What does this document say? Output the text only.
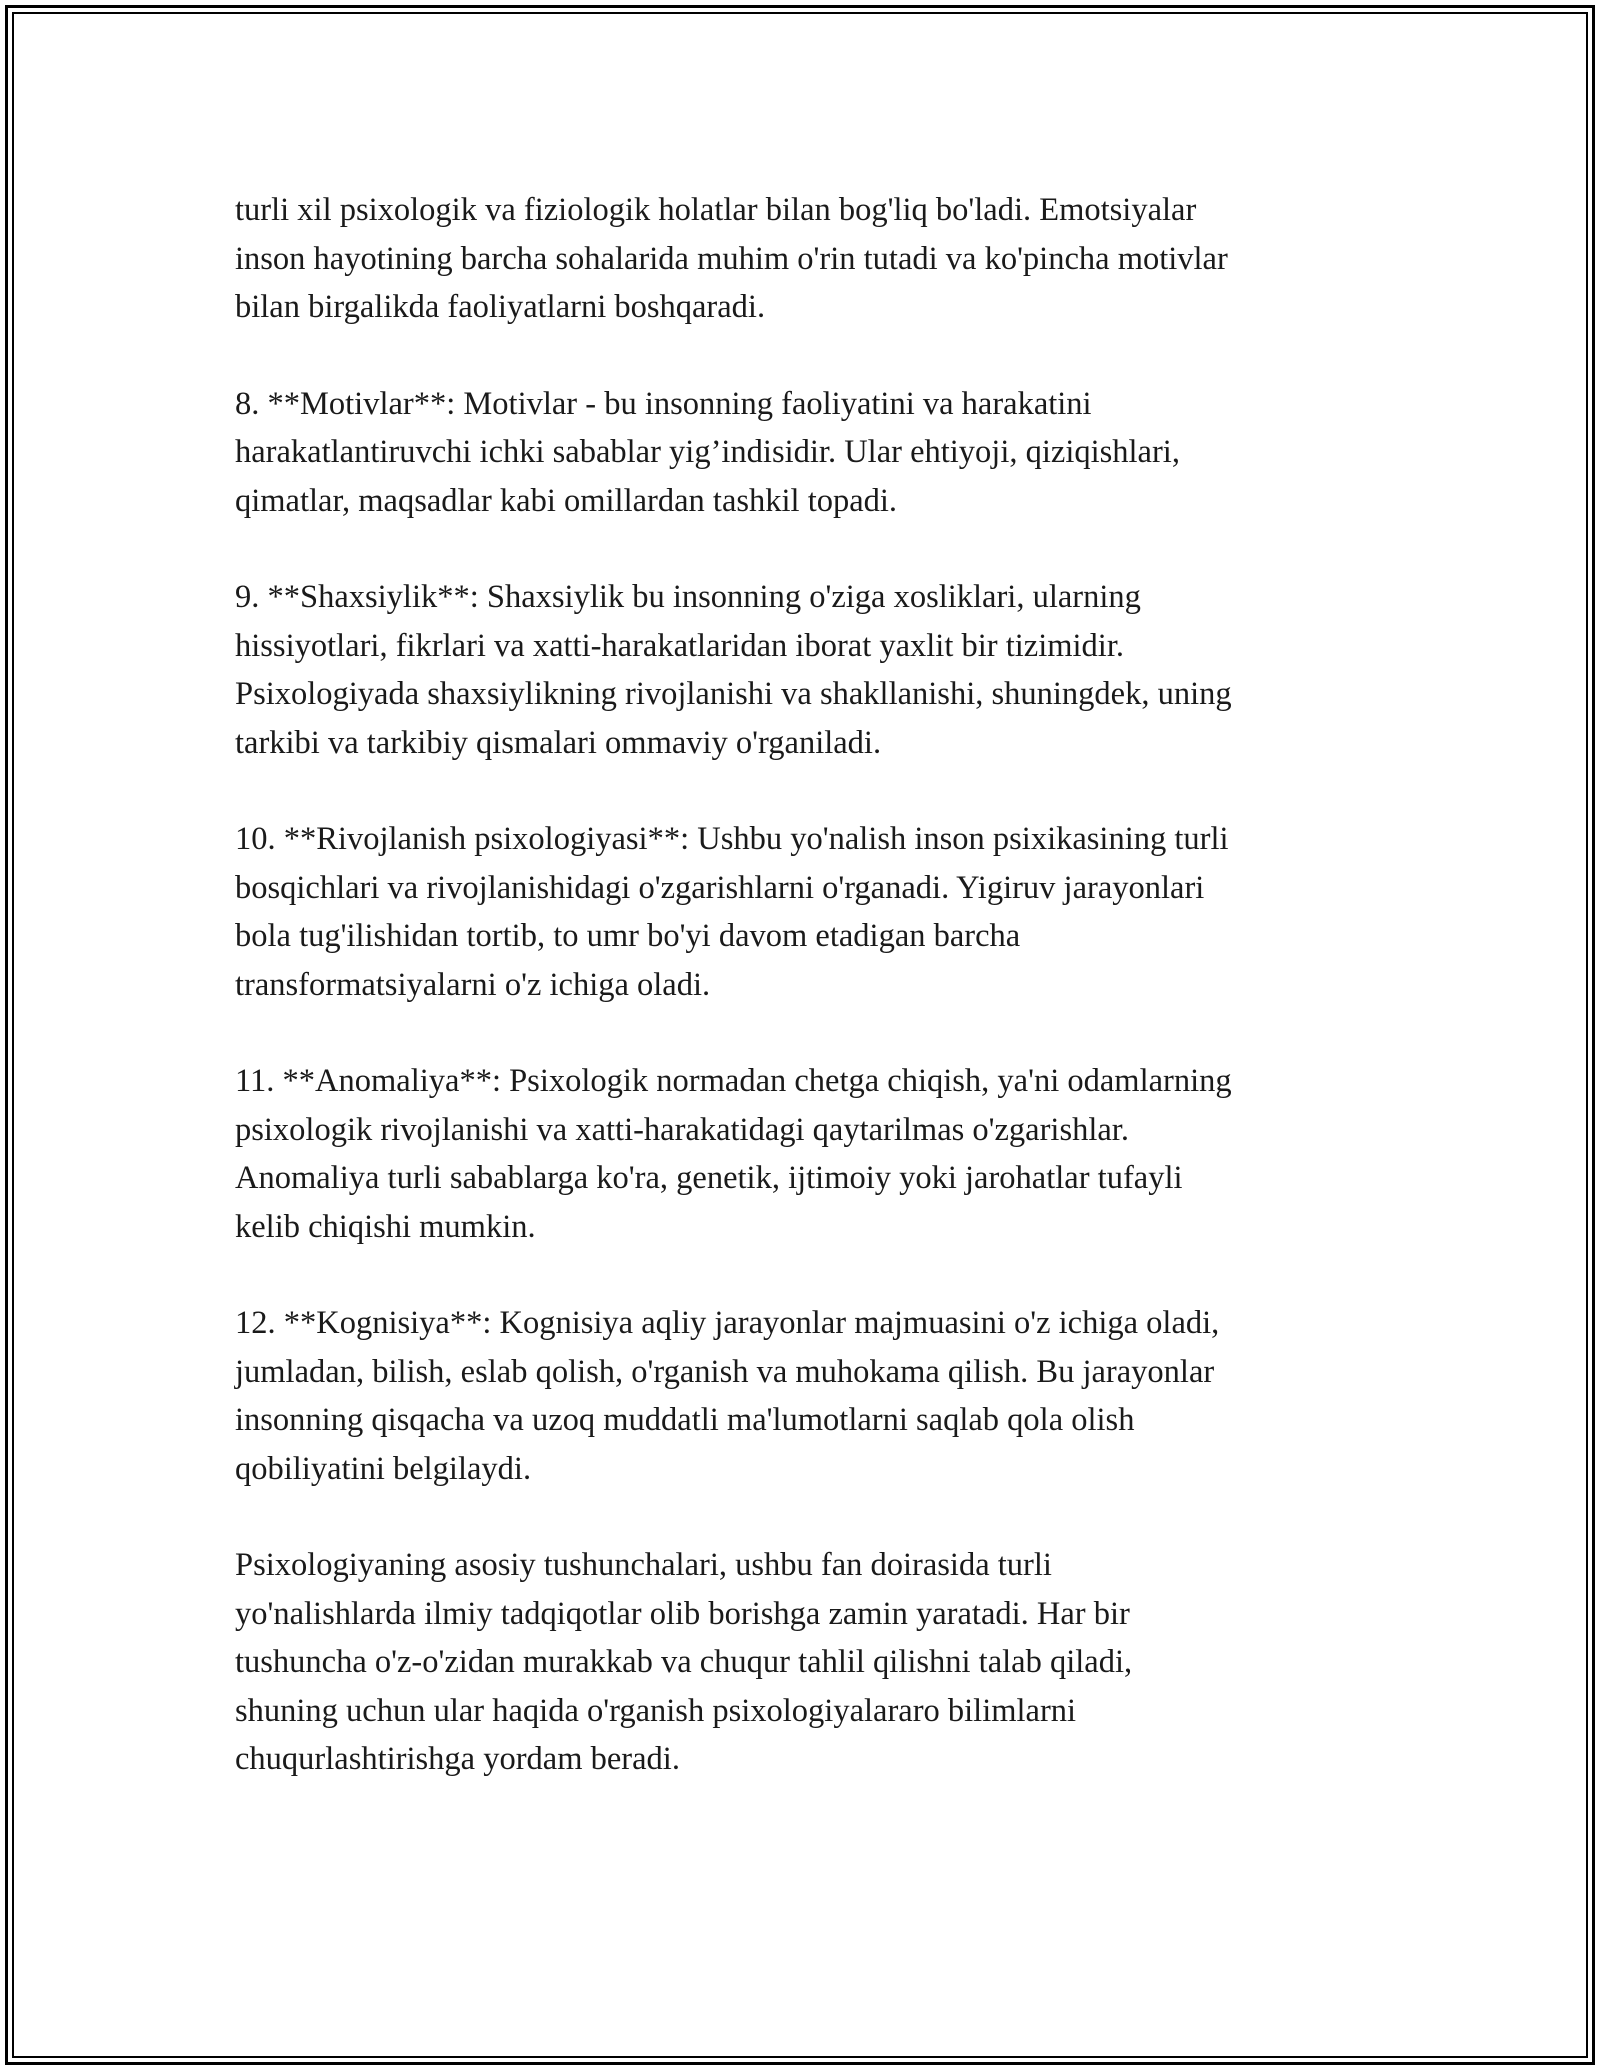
turli xil psixologik va fiziologik holatlar bilan bog'liq bo'ladi. Emotsiyalar
inson hayotining barcha sohalarida muhim o'rin tutadi va ko'pincha motivlar
bilan birgalikda faoliyatlarni boshqaradi.

8. **Motivlar**: Motivlar - bu insonning faoliyatini va harakatini
harakatlantiruvchi ichki sabablar yig’indisidir. Ular ehtiyoji, qiziqishlari,
qimatlar, maqsadlar kabi omillardan tashkil topadi.

9. **Shaxsiylik**: Shaxsiylik bu insonning o'ziga xosliklari, ularning
hissiyotlari, fikrlari va xatti-harakatlaridan iborat yaxlit bir tizimidir.
Psixologiyada shaxsiylikning rivojlanishi va shakllanishi, shuningdek, uning
tarkibi va tarkibiy qismalari ommaviy o'rganiladi.

10. **Rivojlanish psixologiyasi**: Ushbu yo'nalish inson psixikasining turli
bosqichlari va rivojlanishidagi o'zgarishlarni o'rganadi. Yigiruv jarayonlari
bola tug'ilishidan tortib, to umr bo'yi davom etadigan barcha
transformatsiyalarni o'z ichiga oladi.

11. **Anomaliya**: Psixologik normadan chetga chiqish, ya'ni odamlarning
psixologik rivojlanishi va xatti-harakatidagi qaytarilmas o'zgarishlar.
Anomaliya turli sabablarga ko'ra, genetik, ijtimoiy yoki jarohatlar tufayli
kelib chiqishi mumkin.

12. **Kognisiya**: Kognisiya aqliy jarayonlar majmuasini o'z ichiga oladi,
jumladan, bilish, eslab qolish, o'rganish va muhokama qilish. Bu jarayonlar
insonning qisqacha va uzoq muddatli ma'lumotlarni saqlab qola olish
qobiliyatini belgilaydi.

Psixologiyaning asosiy tushunchalari, ushbu fan doirasida turli
yo'nalishlarda ilmiy tadqiqotlar olib borishga zamin yaratadi. Har bir
tushuncha o'z-o'zidan murakkab va chuqur tahlil qilishni talab qiladi,
shuning uchun ular haqida o'rganish psixologiyalararo bilimlarni
chuqurlashtirishga yordam beradi.
